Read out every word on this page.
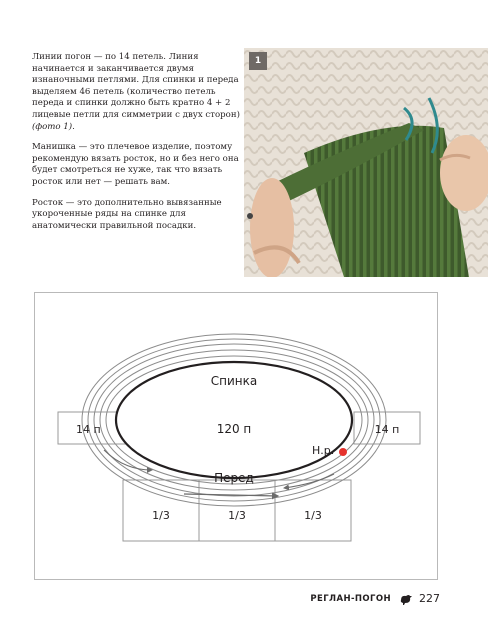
Линии погон — по 14 петель. Линия начинается и заканчивается двумя изнаночными петлями. Для спинки и переда выделяем 46 петель (количество петель переда и спинки должно быть кратно 4 + 2 лицевые петли для симметрии с двух сторон) (фото 1).

Манишка — это плечевое изделие, поэтому рекомендую вязать росток, но и без него она будет смотреться не хуже, так что вязать росток или нет — решать вам.

Росток — это дополнительно вывязанные укороченные ряды на спинке для анатомически правильной посадки.

1
Спинка
120 п
Перед
Н.р.
14 п	14 п
1/3	1/3	1/3
РЕГЛАН-ПОГОН	227
